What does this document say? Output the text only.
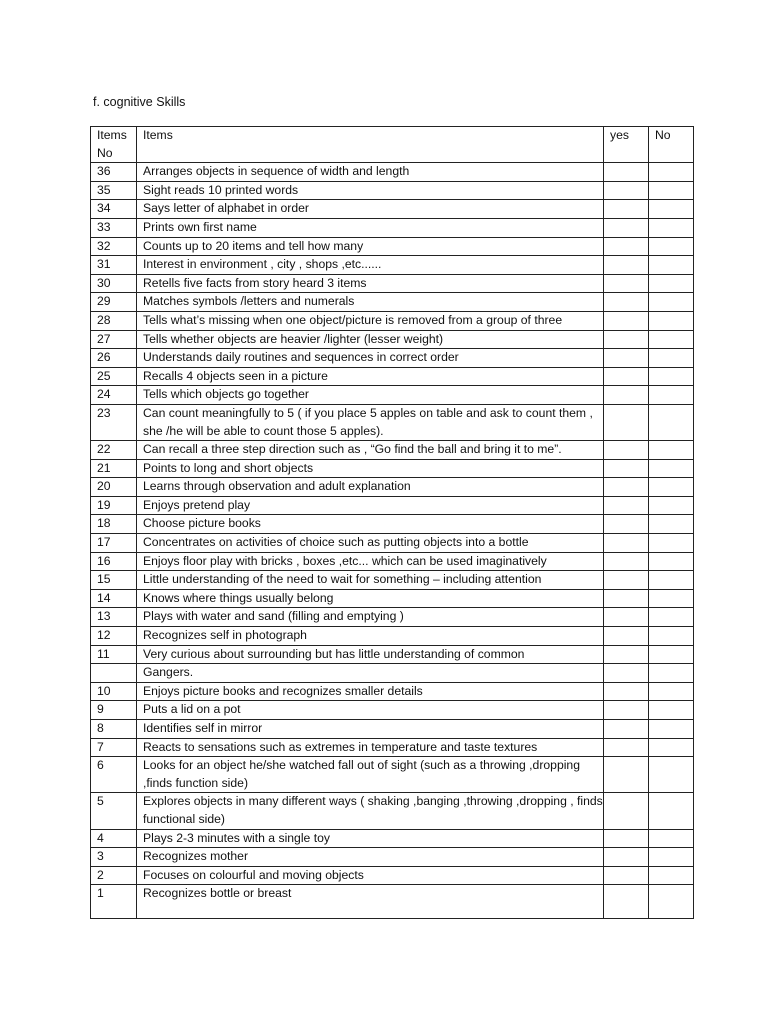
f. cognitive Skills
Items No	Items	yes	No
36	Arranges objects in sequence of width and length		
35	Sight reads 10 printed words		
34	Says letter of alphabet in order		
33	Prints own first name		
32	Counts up to 20 items and tell how many		
31	Interest in environment , city , shops ,etc......		
30	Retells five facts from story heard 3 items		
29	Matches symbols /letters and numerals		
28	Tells what’s missing when one object/picture is removed from a group of three		
27	Tells whether objects are heavier /lighter (lesser weight)		
26	Understands daily routines and sequences in correct order		
25	Recalls 4 objects seen in a picture		
24	Tells which objects go together		
23	Can count meaningfully to 5 ( if you place 5 apples on table and ask to count them , she /he will be able to count those 5 apples).		
22	Can recall a three step direction such as , “Go find the ball and bring it to me”.		
21	Points to long and short objects		
20	Learns through observation and adult explanation		
19	Enjoys pretend play		
18	Choose picture books		
17	Concentrates on activities of choice such as putting objects into a bottle		
16	Enjoys floor play with bricks , boxes ,etc... which can be used imaginatively		
15	Little understanding of the need to wait for something – including attention		
14	Knows where things usually belong		
13	Plays with water and sand (filling and emptying )		
12	Recognizes self in photograph		
11	Very curious about surrounding but has little understanding of common		
	Gangers.		
10	Enjoys picture books and recognizes smaller details		
9	Puts a lid on a pot		
8	Identifies self in mirror		
7	Reacts to sensations such as extremes in temperature and taste textures		
6	Looks for an object he/she watched fall out of sight (such as a throwing ,dropping ,finds function side)		
5	Explores objects in many different ways ( shaking ,banging ,throwing ,dropping , finds functional side)		
4	Plays 2-3 minutes with a single toy		
3	Recognizes mother		
2	Focuses on colourful and moving objects		
1	Recognizes bottle or breast		
